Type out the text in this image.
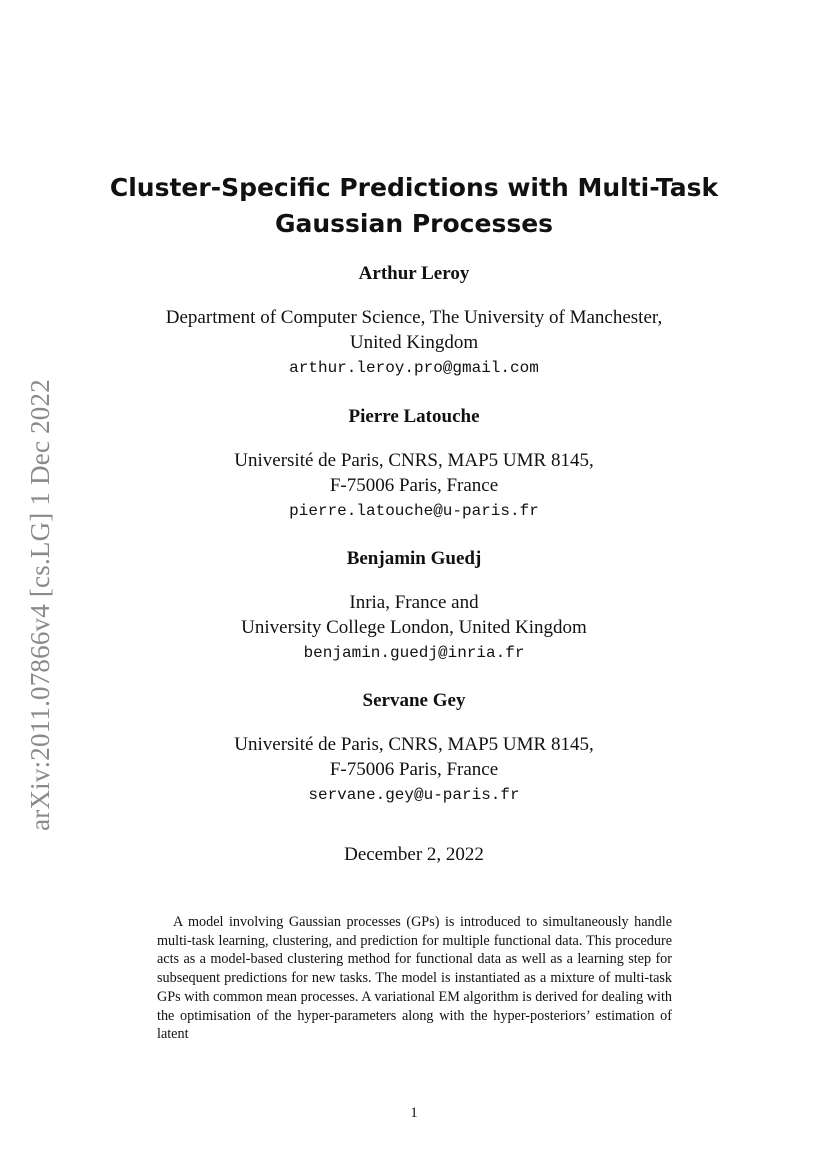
arXiv:2011.07866v4 [cs.LG] 1 Dec 2022
Cluster-Specific Predictions with Multi-Task
Gaussian Processes
Arthur Leroy
Department of Computer Science, The University of Manchester,
United Kingdom
arthur.leroy.pro@gmail.com
Pierre Latouche
Université de Paris, CNRS, MAP5 UMR 8145,
F-75006 Paris, France
pierre.latouche@u-paris.fr
Benjamin Guedj
Inria, France and
University College London, United Kingdom
benjamin.guedj@inria.fr
Servane Gey
Université de Paris, CNRS, MAP5 UMR 8145,
F-75006 Paris, France
servane.gey@u-paris.fr
December 2, 2022
A model involving Gaussian processes (GPs) is introduced to simultaneously handle multi-task learning, clustering, and prediction for multiple functional data. This procedure acts as a model-based clustering method for functional data as well as a learning step for subsequent predictions for new tasks. The model is instantiated as a mixture of multi-task GPs with common mean processes. A variational EM algorithm is derived for dealing with the optimisation of the hyper-parameters along with the hyper-posteriors’ estimation of latent
1
